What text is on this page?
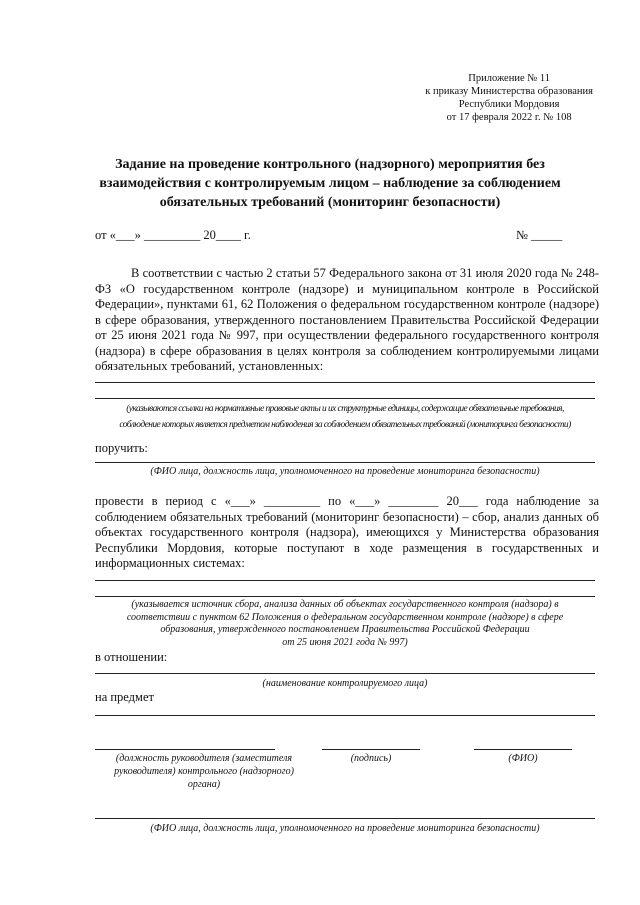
Приложение № 11
к приказу Министерства образования
Республики Мордовия
от 17 февраля 2022 г. № 108
Задание на проведение контрольного (надзорного) мероприятия без
взаимодействия с контролируемым лицом – наблюдение за соблюдением
обязательных требований (мониторинг безопасности)
от «___» _________ 20____ г.	№ _____
В соответствии с частью 2 статьи 57 Федерального закона от 31 июля 2020 года № 248-ФЗ «О государственном контроле (надзоре) и муниципальном контроле в Российской Федерации», пунктами 61, 62 Положения о федеральном государственном контроле (надзоре) в сфере образования, утвержденного постановлением Правительства Российской Федерации от 25 июня 2021 года № 997, при осуществлении федерального государственного контроля (надзора) в сфере образования в целях контроля за соблюдением контролируемыми лицами обязательных требований, установленных:
(указываются ссылки на нормативные правовые акты и их структурные единицы, содержащие обязательные требования,
соблюдение которых является предметом наблюдения за соблюдением обязательных требований (мониторинга безопасности)
поручить:
(ФИО лица, должность лица, уполномоченного на проведение мониторинга безопасности)
провести в период с «___» _________ по «___» ________ 20___ года наблюдение за соблюдением обязательных требований (мониторинг безопасности) – сбор, анализ данных об объектах государственного контроля (надзора), имеющихся у Министерства образования Республики Мордовия, которые поступают в ходе размещения в государственных и информационных системах:
(указывается источник сбора, анализа данных об объектах государственного контроля (надзора) в
соответствии с пунктом 62 Положения о федеральном государственном контроле (надзоре) в сфере
образования, утвержденного постановлением Правительства Российской Федерации
от 25 июня 2021 года № 997)
в отношении:
(наименование контролируемого лица)
на предмет
(должность руководителя (заместителя
руководителя) контрольного (надзорного)
органа)
(подпись)	(ФИО)
(ФИО лица, должность лица, уполномоченного на проведение мониторинга безопасности)
